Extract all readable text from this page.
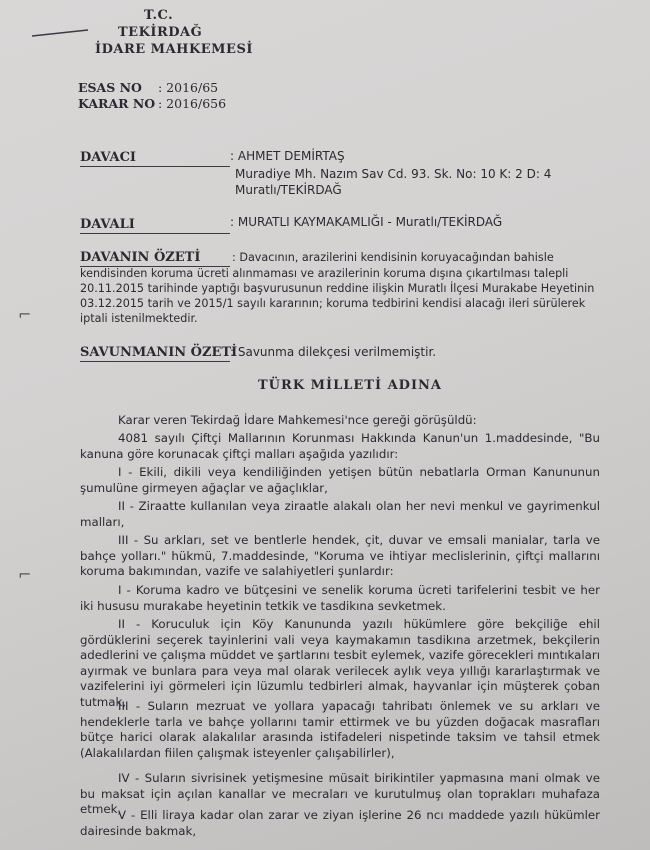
T.C.
TEKİRDAĞ
İDARE MAHKEMESİ
ESAS NO : 2016/65
KARAR NO : 2016/656
DAVACI	: AHMET DEMİRTAŞ
Muradiye Mh. Nazım Sav Cd. 93. Sk. No: 10 K: 2 D: 4
Muratlı/TEKİRDAĞ
DAVALI	: MURATLI KAYMAKAMLIĞI - Muratlı/TEKİRDAĞ
DAVANIN ÖZETİ	: Davacının, arazilerini kendisinin koruyacağından bahisle
kendisinden koruma ücreti alınmaması ve arazilerinin koruma dışına çıkartılması talepli
20.11.2015 tarihinde yaptığı başvurusunun reddine ilişkin Muratlı İlçesi Murakabe Heyetinin
03.12.2015 tarih ve 2015/1 sayılı kararının; koruma tedbirini kendisi alacağı ileri sürülerek
iptali istenilmektedir.
SAVUNMANIN ÖZETİ
: Savunma dilekçesi verilmemiştir.
TÜRK MİLLETİ ADINA
Karar veren Tekirdağ İdare Mahkemesi'nce gereği görüşüldü:
4081 sayılı Çiftçi Mallarının Korunması Hakkında Kanun'un 1.maddesinde, "Bu kanuna göre korunacak çiftçi malları aşağıda yazılıdır:
I - Ekili, dikili veya kendiliğinden yetişen bütün nebatlarla Orman Kanununun şumulüne girmeyen ağaçlar ve ağaçlıklar,
II - Ziraatte kullanılan veya ziraatle alakalı olan her nevi menkul ve gayrimenkul malları,
III - Su arkları, set ve bentlerle hendek, çit, duvar ve emsali manialar, tarla ve bahçe yolları." hükmü, 7.maddesinde, "Koruma ve ihtiyar meclislerinin, çiftçi mallarını koruma bakımından, vazife ve salahiyetleri şunlardır:
I - Koruma kadro ve bütçesini ve senelik koruma ücreti tarifelerini tesbit ve her iki hususu murakabe heyetinin tetkik ve tasdikına sevketmek.
II - Koruculuk için Köy Kanununda yazılı hükümlere göre bekçiliğe ehil gördüklerini seçerek tayinlerini vali veya kaymakamın tasdikına arzetmek, bekçilerin adedlerini ve çalışma müddet ve şartlarını tesbit eylemek, vazife görecekleri mıntıkaları ayırmak ve bunlara para veya mal olarak verilecek aylık veya yıllığı kararlaştırmak ve vazifelerini iyi görmeleri için lüzumlu tedbirleri almak, hayvanlar için müşterek çoban tutmak,
III - Suların mezruat ve yollara yapacağı tahribatı önlemek ve su arkları ve hendeklerle tarla ve bahçe yollarını tamir ettirmek ve bu yüzden doğacak masrafları bütçe harici olarak alakalılar arasında istifadeleri nispetinde taksim ve tahsil etmek (Alakalılardan fiilen çalışmak isteyenler çalışabilirler),
IV - Suların sivrisinek yetişmesine müsait birikintiler yapmasına mani olmak ve bu maksat için açılan kanallar ve mecraları ve kurutulmuş olan toprakları muhafaza etmek,
V - Elli liraya kadar olan zarar ve ziyan işlerine 26 ncı maddede yazılı hükümler dairesinde bakmak,
⌐
⌐
